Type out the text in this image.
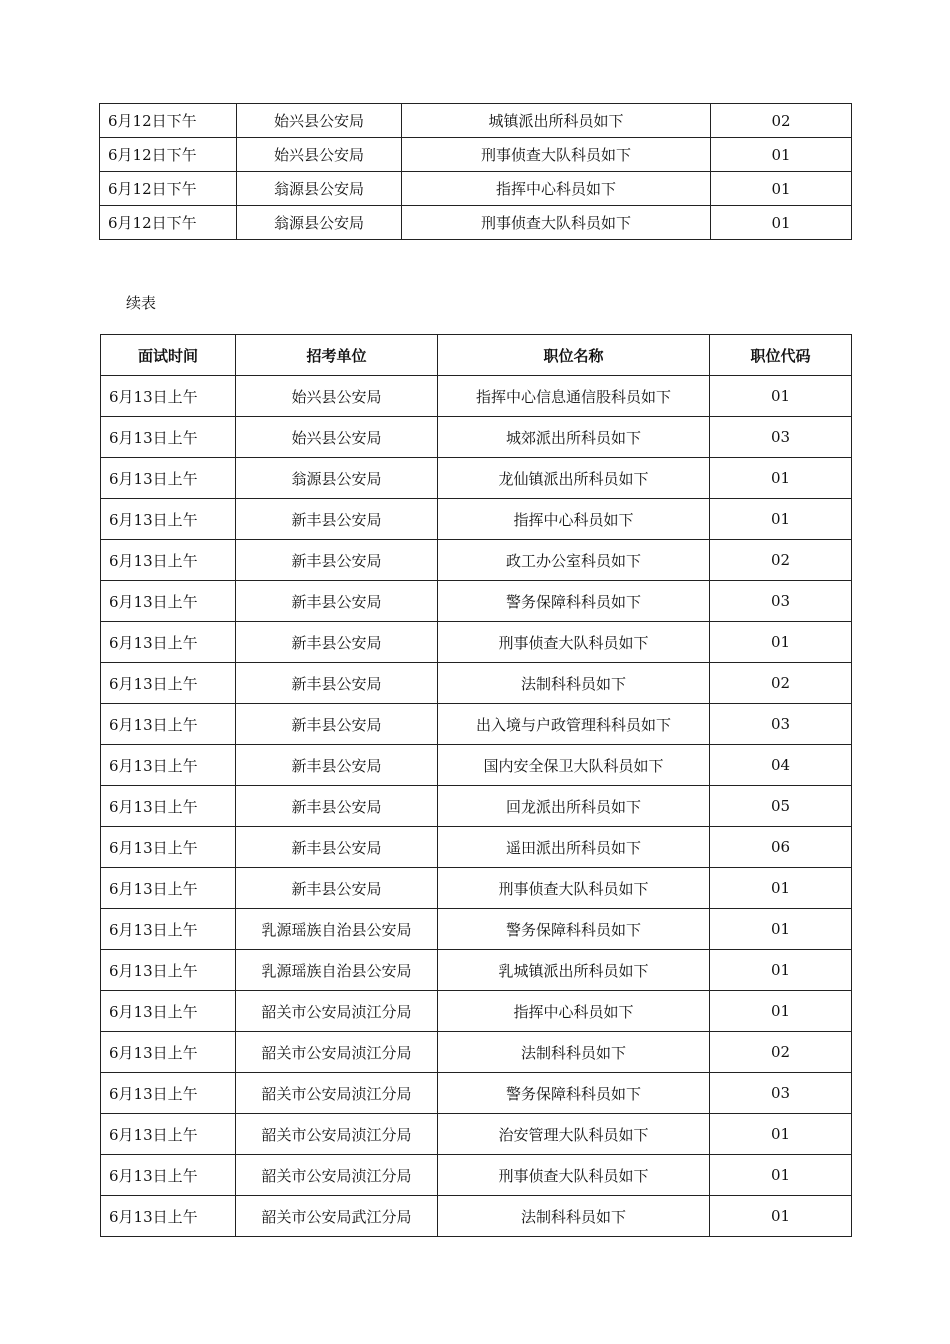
6月12日下午	始兴县公安局	城镇派出所科员如下	02
6月12日下午	始兴县公安局	刑事侦查大队科员如下	01
6月12日下午	翁源县公安局	指挥中心科员如下	01
6月12日下午	翁源县公安局	刑事侦查大队科员如下	01
续表
面试时间	招考单位	职位名称	职位代码
6月13日上午	始兴县公安局	指挥中心信息通信股科员如下	01
6月13日上午	始兴县公安局	城郊派出所科员如下	03
6月13日上午	翁源县公安局	龙仙镇派出所科员如下	01
6月13日上午	新丰县公安局	指挥中心科员如下	01
6月13日上午	新丰县公安局	政工办公室科员如下	02
6月13日上午	新丰县公安局	警务保障科科员如下	03
6月13日上午	新丰县公安局	刑事侦查大队科员如下	01
6月13日上午	新丰县公安局	法制科科员如下	02
6月13日上午	新丰县公安局	出入境与户政管理科科员如下	03
6月13日上午	新丰县公安局	国内安全保卫大队科员如下	04
6月13日上午	新丰县公安局	回龙派出所科员如下	05
6月13日上午	新丰县公安局	遥田派出所科员如下	06
6月13日上午	新丰县公安局	刑事侦查大队科员如下	01
6月13日上午	乳源瑶族自治县公安局	警务保障科科员如下	01
6月13日上午	乳源瑶族自治县公安局	乳城镇派出所科员如下	01
6月13日上午	韶关市公安局浈江分局	指挥中心科员如下	01
6月13日上午	韶关市公安局浈江分局	法制科科员如下	02
6月13日上午	韶关市公安局浈江分局	警务保障科科员如下	03
6月13日上午	韶关市公安局浈江分局	治安管理大队科员如下	01
6月13日上午	韶关市公安局浈江分局	刑事侦查大队科员如下	01
6月13日上午	韶关市公安局武江分局	法制科科员如下	01
